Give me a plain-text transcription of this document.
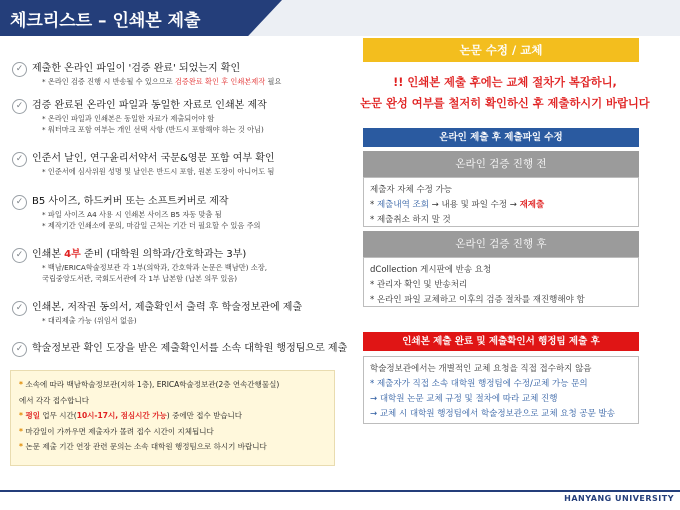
체크리스트 – 인쇄본 제출
✓ 제출한 온라인 파일이 '검증 완료' 되었는지 확인
* 온라인 검증 진행 시 반송될 수 있으므로 검증완료 확인 후 인쇄본제작 필요
✓ 검증 완료된 온라인 파일과 동일한 자료로 인쇄본 제작
* 온라인 파일과 인쇄본은 동일한 자료가 제출되어야 함
* 워터마크 포함 여부는 개인 선택 사항 (반드시 포함해야 하는 것 아님)
✓ 인준서 날인, 연구윤리서약서 국문&영문 포함 여부 확인
* 인준서에 심사위원 성명 및 날인은 반드시 포함, 원본 도장이 아니어도 됨
✓ B5 사이즈, 하드커버 또는 소프트커버로 제작
* 파일 사이즈 A4 사용 시 인쇄본 사이즈 B5 자동 맞춤 됨
* 제작기간 인쇄소에 문의, 마감일 근처는 기간 더 필요할 수 있음 주의
✓ 인쇄본 4부 준비 (대학원 의학과/간호학과는 3부)
* 백남/ERICA학술정보관 각 1부(의학과, 간호학과 논문은 백남만) 소장,
국립중앙도서관, 국회도서관에 각 1부 납본함 (납본 의무 있음)
✓ 인쇄본, 저작권 동의서, 제출확인서 출력 후 학술정보관에 제출
* 대리제출 가능 (위임서 없음)
✓ 학술정보관 확인 도장을 받은 제출확인서를 소속 대학원 행정팀으로 제출
* 소속에 따라 백남학술정보관(지하 1층), ERICA학술정보관(2층 연속간행물실)
에서 각각 접수합니다
* 평일 업무 시간(10시-17시, 점심시간 가능) 중에만 접수 받습니다
* 마감일이 가까우면 제출자가 몰려 접수 시간이 지체됩니다
* 논문 제출 기간 연장 관련 문의는 소속 대학원 행정팀으로 하시기 바랍니다
논문 수정 / 교체
!! 인쇄본 제출 후에는 교체 절차가 복잡하니,
논문 완성 여부를 철저히 확인하신 후 제출하시기 바랍니다
온라인 제출 후 제출파일 수정
온라인 검증 진행 전
제출자 자체 수정 가능
* 제출내역 조회 → 내용 및 파일 수정 → 재제출
* 제출취소 하지 말 것
온라인 검증 진행 후
dCollection 게시판에 반송 요청
* 관리자 확인 및 반송처리
* 온라인 파일 교체하고 이후의 검증 절차를 재진행해야 함
인쇄본 제출 완료 및 제출확인서 행정팀 제출 후
학술정보관에서는 개별적인 교체 요청을 직접 접수하지 않음
* 제출자가 직접 소속 대학원 행정팀에 수정/교체 가능 문의
→ 대학원 논문 교체 규정 및 절차에 따라 교체 진행
→ 교체 시 대학원 행정팀에서 학술정보관으로 교체 요청 공문 발송
HANYANG UNIVERSITY
